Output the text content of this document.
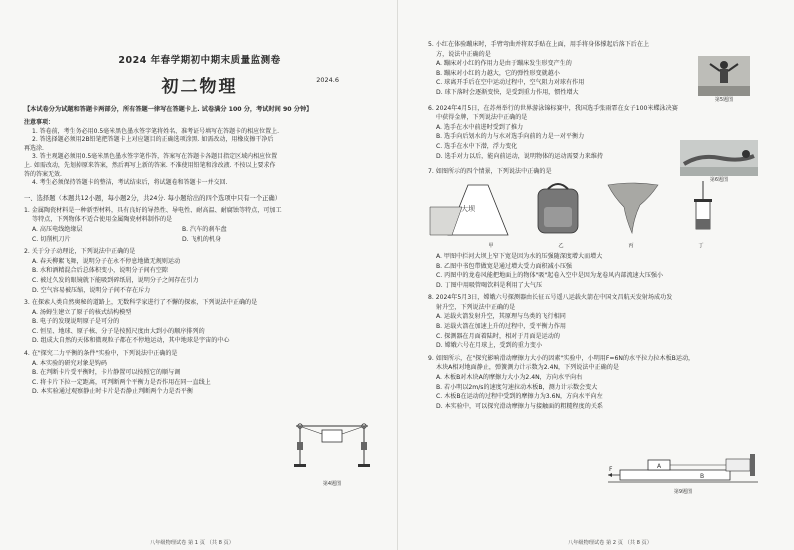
2024 年春学期初中期末质量监测卷
初二物理	2024.6
【本试卷分为试题和答题卡两部分，所有答题一律写在答题卡上. 试卷满分 100 分，考试时间 90 分钟】
注意事项：
1. 答卷前，考生务必用0.5毫米黑色墨水签字笔将姓名、准考证号填写在答题卡的相应位置上.
2. 答选择题必须用2B铅笔把答题卡上对应题目的正确选项涂黑. 如需改动，用橡皮擦干净后
再选涂.
3. 答主观题必须用0.5毫米黑色墨水签字笔作答，答案写在答题卡各题目指定区域内相应位置
上. 如需改动，先划掉原来答案，然后再写上新的答案. 不准使用铅笔和涂改液. 不按以上要求作
答的答案无效.
4. 考生必须保持答题卡的整洁，考试结束后，将试题卷和答题卡一并交回.
一、选择题（本题共12小题，每小题2分，共24分. 每小题给出的四个选项中只有一个正确）
1. 金属陶瓷材料是一种新型材料，具有良好的导热性、导电性、耐高温、耐腐蚀等特点，可加工
等特点，下列物体不适合使用金属陶瓷材料制作的是
A. 高压电线绝缘层	B. 汽车的刹车盘
C. 切削机刀片	D. 飞机的机身
2. 关于分子动理论，下列说法中正确的是
A. 春天柳絮飞舞，说明分子在永不停息地做无规则运动
B. 水和酒精混合后总体积变小，说明分子间有空隙
C. 被过久发的眼镜就下能吸到碎纸屑，说明分子之间存在引力
D. 空气容易被压缩，说明分子间不存在斥力
3. 在探索人类自然奥秘的道路上，无数科学家进行了不懈的探索，下列说法中正确的是
A. 汤姆生建立了原子的核式结构模型
B. 电子的发现说明原子是可分的
C. 恒星、地球、原子核、分子是按照尺度由大到小的顺序排列的
D. 组成大自然的天体和微观粒子都在不停地运动，其中地球是宇宙的中心
4. 在"探究二力平衡的条件"实验中，下列说法中正确的是
A. 本实验的研究对象是钩码
B. 在判断卡片受平衡时，卡片静置可以按照它的顺与调
C. 将卡片下拉一定距离，可判断两个平衡力是否作用在同一直线上
D. 本实验通过观察静止时卡片是否静止判断两个力是否平衡
第4题图
八年级物理试卷 第 1 页 （共 8 页）
5. 小红在体验蹦床时，手臂弯曲并将双手贴在上面，用手将身体撑起后落下后在上
方，说法中正确的是
A. 蹦床对小红的作用力是由于蹦床发生形变产生的
B. 蹦床对小红的力越大，它的弹性形变就越小
C. 球离开手后在空中运动过程中，空气阻力对球有作用
D. 球下落时会逐渐变快，是受到重力作用，惯性增大
第5题图
6. 2024年4月5日，在苏州举行的世界游泳锦标赛中，我国选手张雨霏在女子100米蝶泳决赛
中获得金牌，下列说法中正确的是
A. 选手在水中前进时受到了推力
B. 选手向后划水的力与水对选手向前的力是一对平衡力
C. 选手在水中下潜，浮力变化
D. 选手对力以后，能向前运动，说明物体的运动需要力来维持
第6题图
7. 如图所示的四个情景，下列说法中正确的是
大坝
甲	乙	丙	丁
A. 甲图中拦河大坝上窄下宽是因为水的压强随深度增大而增大
B. 乙图中书包带做宽是通过增大受力面积减小压强
C. 丙图中的龙卷风能把地面上的物体"吸"起卷入空中是因为龙卷风内部流速大压强小
D. 丁图中用吸管喝饮料是利用了大气压
8. 2024年5月3日，嫦娥六号探测器由长征五号遥八运载火箭在中国文昌航天发射场成功发
射升空，下列说法中正确的是
A. 运载火箭发射升空，其原理与鸟类的飞行相同
B. 运载火箭在加速上升的过程中，受平衡力作用
C. 探测器在月面着陆时，相对于月面是运动的
D. 嫦娥六号在月球上，受到的重力变小
9. 如图所示，在"探究影响滑动摩擦力大小的因素"实验中，小明用F=6N的水平拉力拉木板B运动，
木块A相对地面静止，弹簧测力计示数为2.4N，下列说法中正确的是
A. 木板B对木块A的摩擦力大小为2.4N，方向水平向右
B. 若小明以2m/s的速度匀速拉动木板B，测力计示数会变大
C. 木板B在运动的过程中受到的摩擦力为3.6N，方向水平向左
D. 本实验中，可以探究滑动摩擦力与接触面的粗糙程度的关系
B
A
F
第9题图
八年级物理试卷 第 2 页 （共 8 页）
